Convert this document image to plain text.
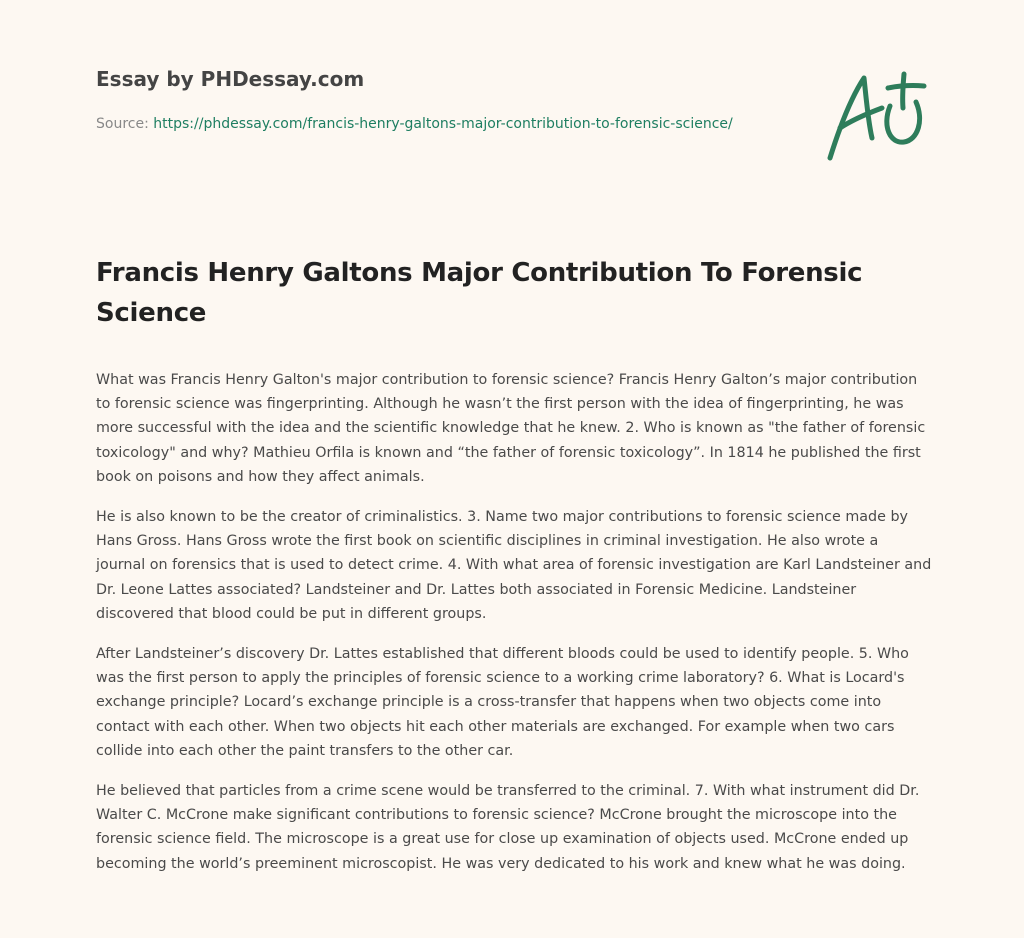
Essay by PHDessay.com
Source: https://phdessay.com/francis-henry-galtons-major-contribution-to-forensic-science/
Francis Henry Galtons Major Contribution To Forensic Science

What was Francis Henry Galton's major contribution to forensic science? Francis Henry Galton’s major contribution to forensic science was fingerprinting. Although he wasn’t the first person with the idea of fingerprinting, he was more successful with the idea and the scientific knowledge that he knew. 2. Who is known as "the father of forensic toxicology" and why? Mathieu Orfila is known and “the father of forensic toxicology”. In 1814 he published the first book on poisons and how they affect animals.

He is also known to be the creator of criminalistics. 3. Name two major contributions to forensic science made by Hans Gross. Hans Gross wrote the first book on scientific disciplines in criminal investigation. He also wrote a journal on forensics that is used to detect crime. 4. With what area of forensic investigation are Karl Landsteiner and Dr. Leone Lattes associated? Landsteiner and Dr. Lattes both associated in Forensic Medicine. Landsteiner discovered that blood could be put in different groups.

After Landsteiner’s discovery Dr. Lattes established that different bloods could be used to identify people. 5. Who was the first person to apply the principles of forensic science to a working crime laboratory? 6. What is Locard's exchange principle? Locard’s exchange principle is a cross-transfer that happens when two objects come into contact with each other. When two objects hit each other materials are exchanged. For example when two cars collide into each other the paint transfers to the other car.

He believed that particles from a crime scene would be transferred to the criminal. 7. With what instrument did Dr. Walter C. McCrone make significant contributions to forensic science? McCrone brought the microscope into the forensic science field. The microscope is a great use for close up examination of objects used. McCrone ended up becoming the world’s preeminent microscopist. He was very dedicated to his work and knew what he was doing.
